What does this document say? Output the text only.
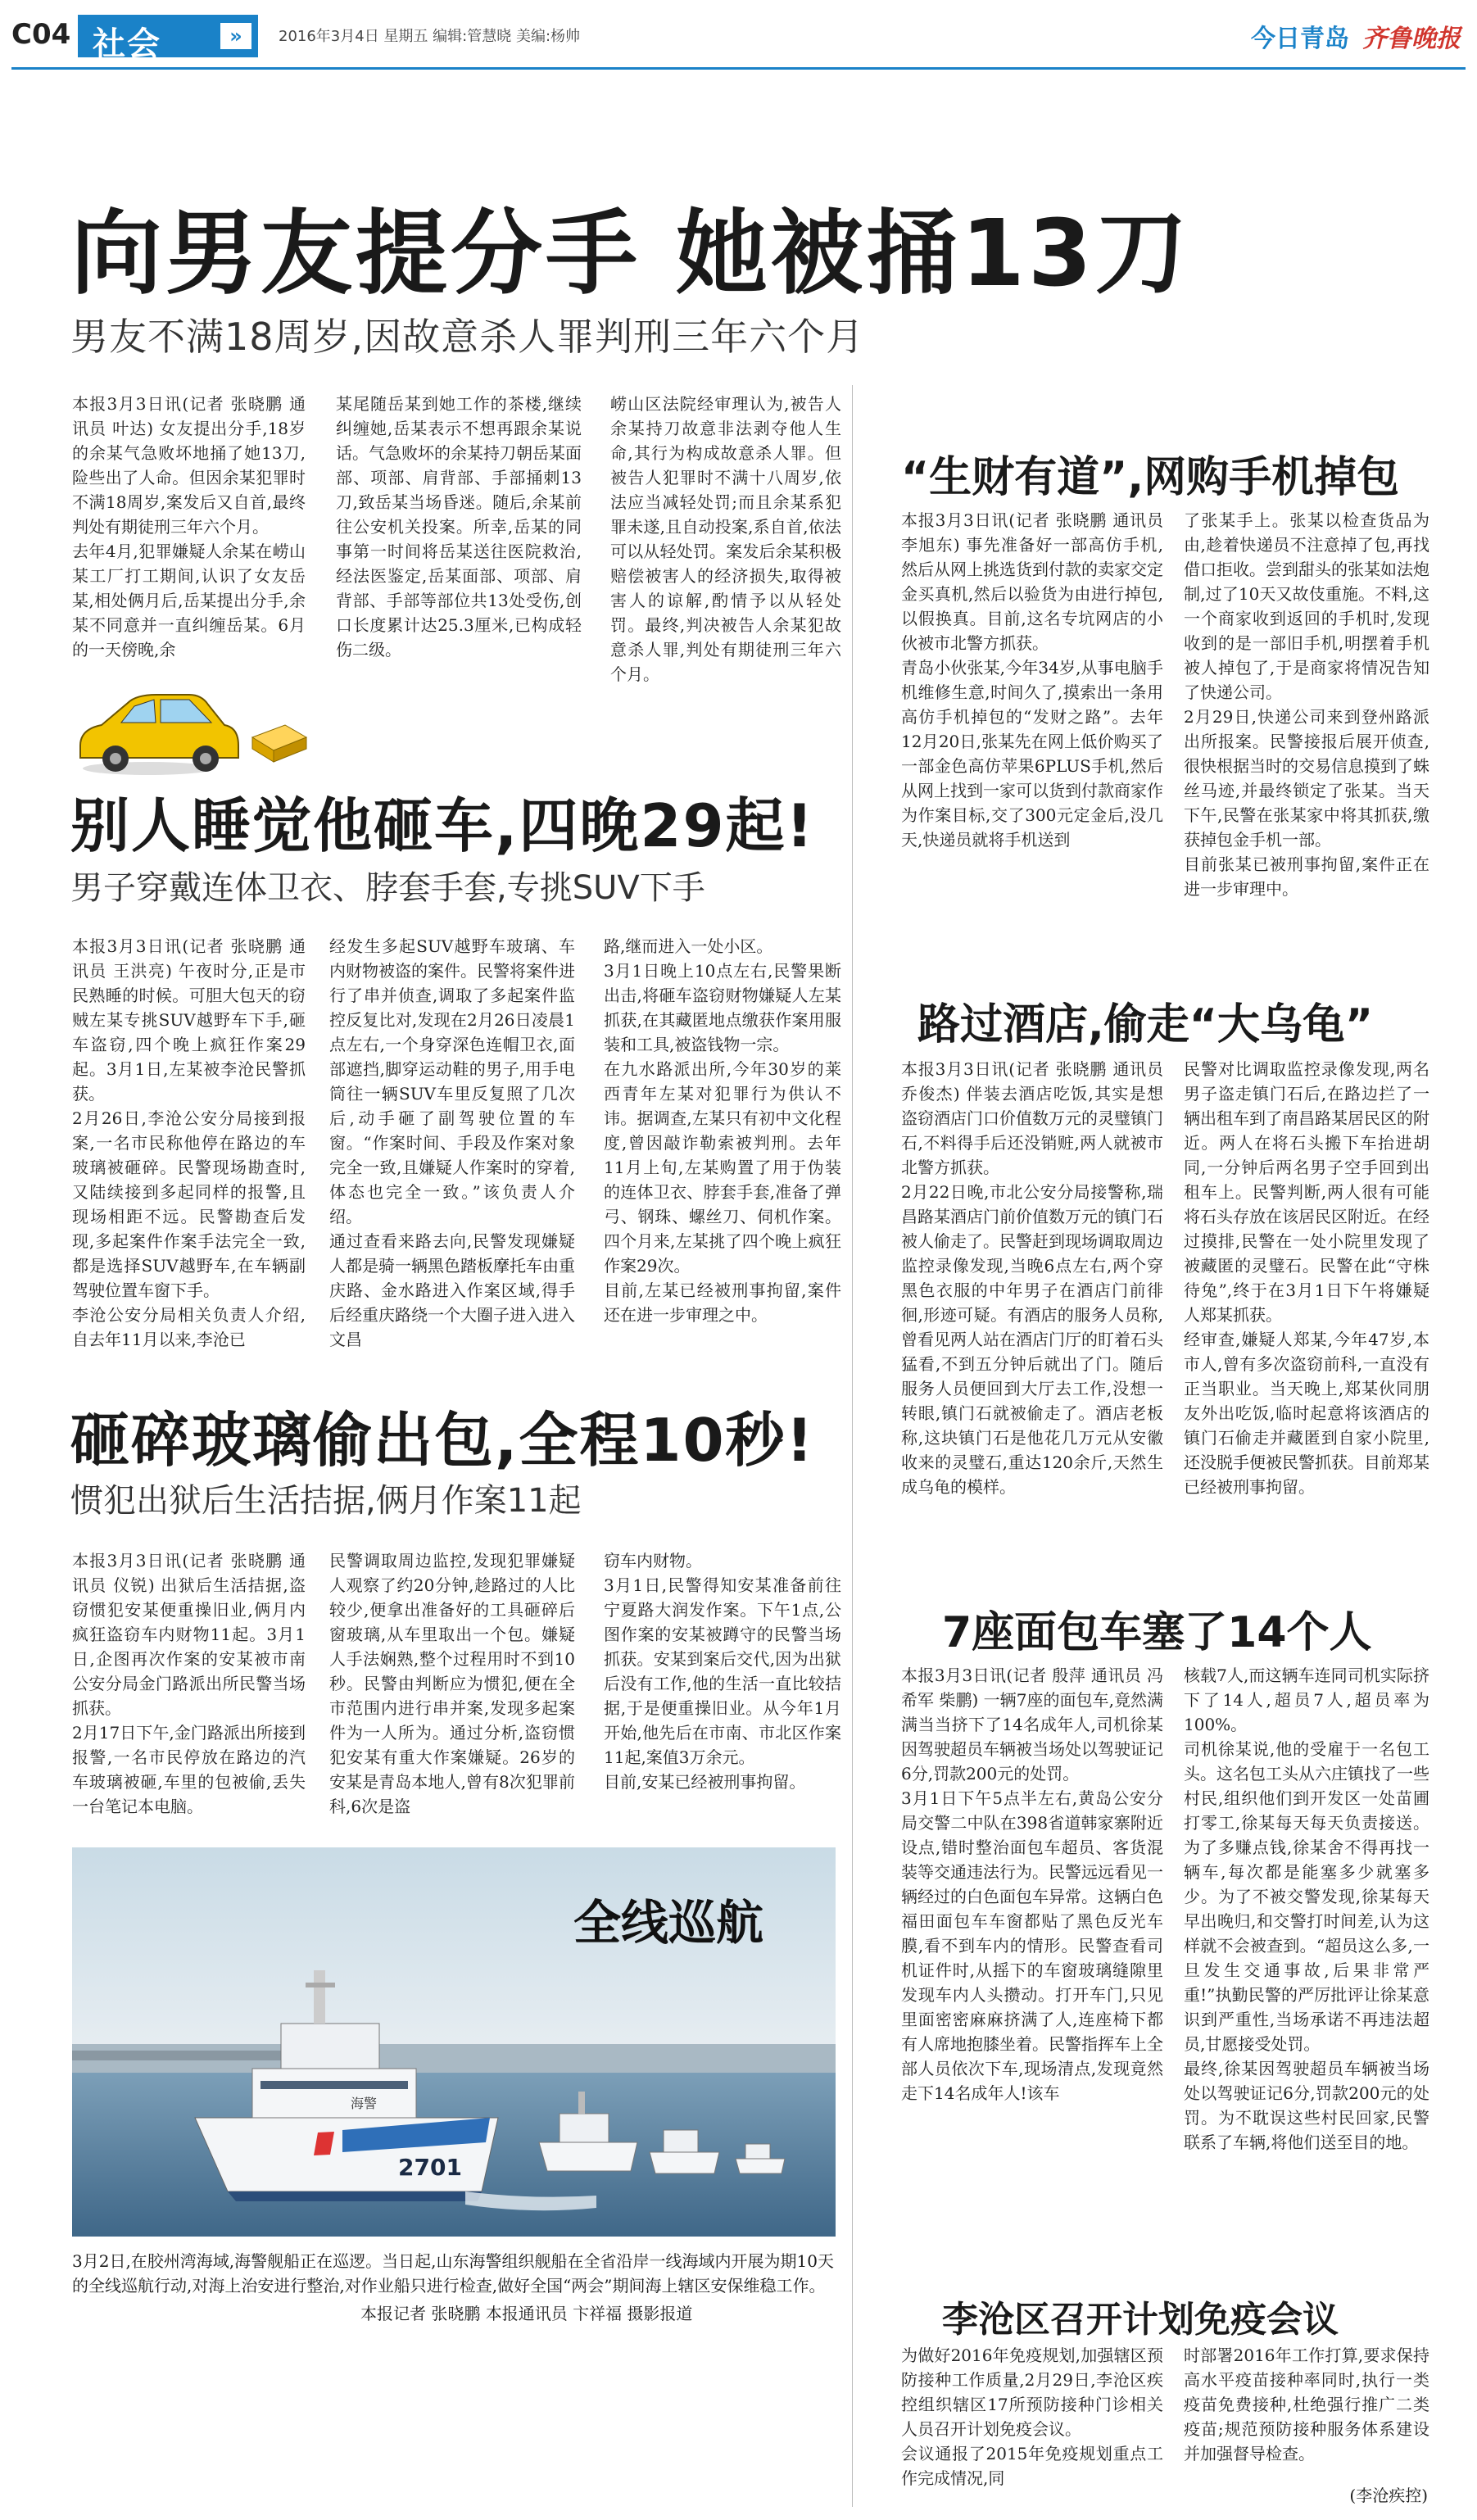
C04 社会	»	2016年3月4日 星期五 编辑:管慧晓 美编:杨帅	今日青岛 齐鲁晚报
向男友提分手 她被捅13刀
男友不满18周岁,因故意杀人罪判刑三年六个月
本报3月3日讯(记者 张晓鹏 通讯员 叶达) 女友提出分手,18岁的余某气急败坏地捅了她13刀,险些出了人命。但因余某犯罪时不满18周岁,案发后又自首,最终判处有期徒刑三年六个月。
去年4月,犯罪嫌疑人余某在崂山某工厂打工期间,认识了女友岳某,相处俩月后,岳某提出分手,余某不同意并一直纠缠岳某。6月的一天傍晚,余
某尾随岳某到她工作的茶楼,继续纠缠她,岳某表示不想再跟余某说话。气急败坏的余某持刀朝岳某面部、项部、肩背部、手部捅刺13刀,致岳某当场昏迷。随后,余某前往公安机关投案。所幸,岳某的同事第一时间将岳某送往医院救治,经法医鉴定,岳某面部、项部、肩背部、手部等部位共13处受伤,创口长度累计达25.3厘米,已构成轻伤二级。
崂山区法院经审理认为,被告人余某持刀故意非法剥夺他人生命,其行为构成故意杀人罪。但被告人犯罪时不满十八周岁,依法应当减轻处罚;而且余某系犯罪未遂,且自动投案,系自首,依法可以从轻处罚。案发后余某积极赔偿被害人的经济损失,取得被害人的谅解,酌情予以从轻处罚。最终,判决被告人余某犯故意杀人罪,判处有期徒刑三年六个月。
别人睡觉他砸车,四晚29起!
男子穿戴连体卫衣、脖套手套,专挑SUV下手
本报3月3日讯(记者 张晓鹏 通讯员 王洪亮) 午夜时分,正是市民熟睡的时候。可胆大包天的窃贼左某专挑SUV越野车下手,砸车盗窃,四个晚上疯狂作案29起。3月1日,左某被李沧民警抓获。
2月26日,李沧公安分局接到报案,一名市民称他停在路边的车玻璃被砸碎。民警现场勘查时,又陆续接到多起同样的报警,且现场相距不远。民警勘查后发现,多起案件作案手法完全一致,都是选择SUV越野车,在车辆副驾驶位置车窗下手。
李沧公安分局相关负责人介绍,自去年11月以来,李沧已
经发生多起SUV越野车玻璃、车内财物被盗的案件。民警将案件进行了串并侦查,调取了多起案件监控反复比对,发现在2月26日凌晨1点左右,一个身穿深色连帽卫衣,面部遮挡,脚穿运动鞋的男子,用手电筒往一辆SUV车里反复照了几次后,动手砸了副驾驶位置的车窗。“作案时间、手段及作案对象完全一致,且嫌疑人作案时的穿着,体态也完全一致。”该负责人介绍。
通过查看来路去向,民警发现嫌疑人都是骑一辆黑色踏板摩托车由重庆路、金水路进入作案区域,得手后经重庆路绕一个大圈子进入进入文昌
路,继而进入一处小区。
3月1日晚上10点左右,民警果断出击,将砸车盗窃财物嫌疑人左某抓获,在其藏匿地点缴获作案用服装和工具,被盗钱物一宗。
在九水路派出所,今年30岁的莱西青年左某对犯罪行为供认不讳。据调查,左某只有初中文化程度,曾因敲诈勒索被判刑。去年11月上旬,左某购置了用于伪装的连体卫衣、脖套手套,准备了弹弓、钢珠、螺丝刀、伺机作案。四个月来,左某挑了四个晚上疯狂作案29次。
目前,左某已经被刑事拘留,案件还在进一步审理之中。
砸碎玻璃偷出包,全程10秒!
惯犯出狱后生活拮据,俩月作案11起
本报3月3日讯(记者 张晓鹏 通讯员 仪锐) 出狱后生活拮据,盗窃惯犯安某便重操旧业,俩月内疯狂盗窃车内财物11起。3月1日,企图再次作案的安某被市南公安分局金门路派出所民警当场抓获。
2月17日下午,金门路派出所接到报警,一名市民停放在路边的汽车玻璃被砸,车里的包被偷,丢失一台笔记本电脑。
民警调取周边监控,发现犯罪嫌疑人观察了约20分钟,趁路过的人比较少,便拿出准备好的工具砸碎后窗玻璃,从车里取出一个包。嫌疑人手法娴熟,整个过程用时不到10秒。民警由判断应为惯犯,便在全市范围内进行串并案,发现多起案件为一人所为。通过分析,盗窃惯犯安某有重大作案嫌疑。26岁的安某是青岛本地人,曾有8次犯罪前科,6次是盗
窃车内财物。
3月1日,民警得知安某准备前往宁夏路大润发作案。下午1点,公图作案的安某被蹲守的民警当场抓获。安某到案后交代,因为出狱后没有工作,他的生活一直比较拮据,于是便重操旧业。从今年1月开始,他先后在市南、市北区作案11起,案值3万余元。
目前,安某已经被刑事拘留。
2701
海警
全线巡航
3月2日,在胶州湾海域,海警舰船正在巡逻。当日起,山东海警组织舰船在全省沿岸一线海域内开展为期10天的全线巡航行动,对海上治安进行整治,对作业船只进行检查,做好全国“两会”期间海上辖区安保维稳工作。
本报记者 张晓鹏 本报通讯员 卞祥福 摄影报道
“生财有道”,网购手机掉包
本报3月3日讯(记者 张晓鹏 通讯员 李旭东) 事先准备好一部高仿手机,然后从网上挑选货到付款的卖家交定金买真机,然后以验货为由进行掉包,以假换真。目前,这名专坑网店的小伙被市北警方抓获。
青岛小伙张某,今年34岁,从事电脑手机维修生意,时间久了,摸索出一条用高仿手机掉包的“发财之路”。去年12月20日,张某先在网上低价购买了一部金色高仿苹果6PLUS手机,然后从网上找到一家可以货到付款商家作为作案目标,交了300元定金后,没几天,快递员就将手机送到
了张某手上。张某以检查货品为由,趁着快递员不注意掉了包,再找借口拒收。尝到甜头的张某如法炮制,过了10天又故伎重施。不料,这一个商家收到返回的手机时,发现收到的是一部旧手机,明摆着手机被人掉包了,于是商家将情况告知了快递公司。
2月29日,快递公司来到登州路派出所报案。民警接报后展开侦查,很快根据当时的交易信息摸到了蛛丝马迹,并最终锁定了张某。当天下午,民警在张某家中将其抓获,缴获掉包金手机一部。
目前张某已被刑事拘留,案件正在进一步审理中。
路过酒店,偷走“大乌龟”
本报3月3日讯(记者 张晓鹏 通讯员 乔俊杰) 伴装去酒店吃饭,其实是想盗窃酒店门口价值数万元的灵璧镇门石,不料得手后还没销赃,两人就被市北警方抓获。
2月22日晚,市北公安分局接警称,瑞昌路某酒店门前价值数万元的镇门石被人偷走了。民警赶到现场调取周边监控录像发现,当晚6点左右,两个穿黑色衣服的中年男子在酒店门前徘徊,形迹可疑。有酒店的服务人员称,曾看见两人站在酒店门厅的盯着石头猛看,不到五分钟后就出了门。随后服务人员便回到大厅去工作,没想一转眼,镇门石就被偷走了。酒店老板称,这块镇门石是他花几万元从安徽收来的灵璧石,重达120余斤,天然生成乌龟的模样。
民警对比调取监控录像发现,两名男子盗走镇门石后,在路边拦了一辆出租车到了南昌路某居民区的附近。两人在将石头搬下车抬进胡同,一分钟后两名男子空手回到出租车上。民警判断,两人很有可能将石头存放在该居民区附近。在经过摸排,民警在一处小院里发现了被藏匿的灵璧石。民警在此“守株待兔”,终于在3月1日下午将嫌疑人郑某抓获。
经审查,嫌疑人郑某,今年47岁,本市人,曾有多次盗窃前科,一直没有正当职业。当天晚上,郑某伙同朋友外出吃饭,临时起意将该酒店的镇门石偷走并藏匿到自家小院里,还没脱手便被民警抓获。目前郑某已经被刑事拘留。
7座面包车塞了14个人
本报3月3日讯(记者 殷萍 通讯员 冯希军 柴鹏) 一辆7座的面包车,竟然满满当当挤下了14名成年人,司机徐某因驾驶超员车辆被当场处以驾驶证记6分,罚款200元的处罚。
3月1日下午5点半左右,黄岛公安分局交警二中队在398省道韩家寨附近设点,错时整治面包车超员、客货混装等交通违法行为。民警远远看见一辆经过的白色面包车异常。这辆白色福田面包车车窗都贴了黑色反光车膜,看不到车内的情形。民警查看司机证件时,从摇下的车窗玻璃缝隙里发现车内人头攒动。打开车门,只见里面密密麻麻挤满了人,连座椅下都有人席地抱膝坐着。民警指挥车上全部人员依次下车,现场清点,发现竟然走下14名成年人!该车
核载7人,而这辆车连同司机实际挤下了14人,超员7人,超员率为100%。
司机徐某说,他的受雇于一名包工头。这名包工头从六庄镇找了一些村民,组织他们到开发区一处苗圃打零工,徐某每天每天负责接送。为了多赚点钱,徐某舍不得再找一辆车,每次都是能塞多少就塞多少。为了不被交警发现,徐某每天早出晚归,和交警打时间差,认为这样就不会被查到。“超员这么多,一旦发生交通事故,后果非常严重!”执勤民警的严厉批评让徐某意识到严重性,当场承诺不再违法超员,甘愿接受处罚。
最终,徐某因驾驶超员车辆被当场处以驾驶证记6分,罚款200元的处罚。为不耽误这些村民回家,民警联系了车辆,将他们送至目的地。
李沧区召开计划免疫会议
为做好2016年免疫规划,加强辖区预防接种工作质量,2月29日,李沧区疾控组织辖区17所预防接种门诊相关人员召开计划免疫会议。
会议通报了2015年免疫规划重点工作完成情况,同
时部署2016年工作打算,要求保持高水平疫苗接种率同时,执行一类疫苗免费接种,杜绝强行推广二类疫苗;规范预防接种服务体系建设并加强督导检查。
(李沧疾控)
